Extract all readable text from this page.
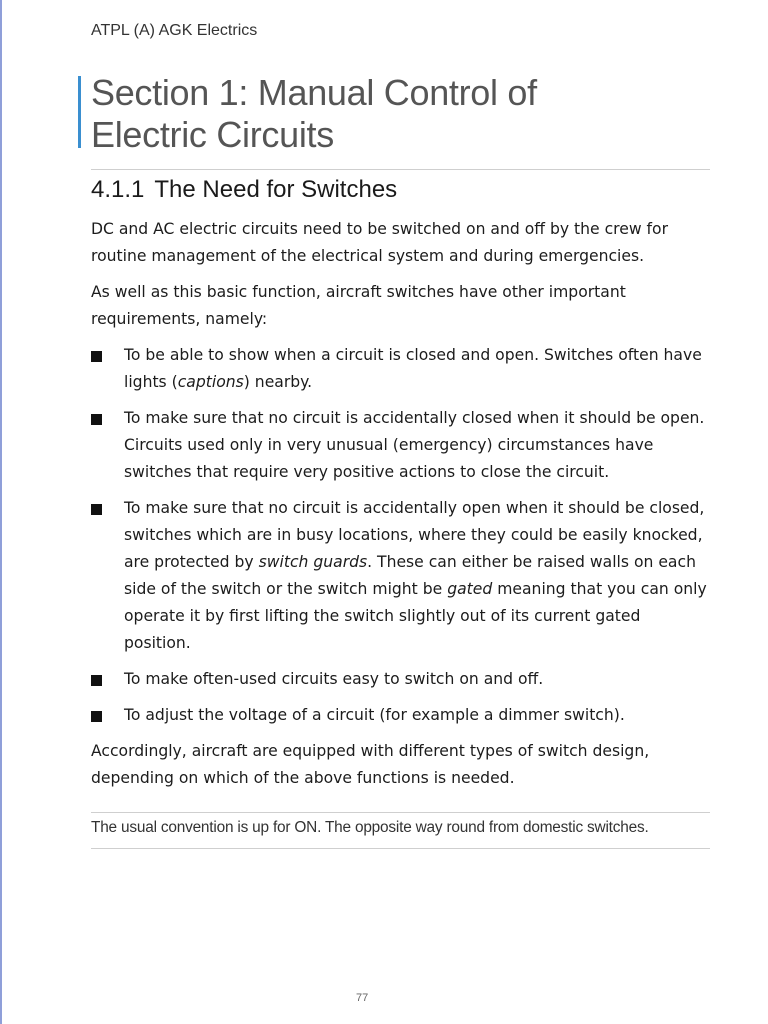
ATPL (A) AGK Electrics
Section 1: Manual Control of
Electric Circuits
4.1.1 The Need for Switches

DC and AC electric circuits need to be switched on and off by the crew for routine management of the electrical system and during emergencies.

As well as this basic function, aircraft switches have other important requirements, namely:

To be able to show when a circuit is closed and open. Switches often have lights (captions) nearby.
To make sure that no circuit is accidentally closed when it should be open. Circuits used only in very unusual (emergency) circumstances have switches that require very positive actions to close the circuit.
To make sure that no circuit is accidentally open when it should be closed, switches which are in busy locations, where they could be easily knocked, are protected by switch guards. These can either be raised walls on each side of the switch or the switch might be gated meaning that you can only operate it by first lifting the switch slightly out of its current gated position.
To make often-used circuits easy to switch on and off.
To adjust the voltage of a circuit (for example a dimmer switch).

Accordingly, aircraft are equipped with different types of switch design, depending on which of the above functions is needed.

The usual convention is up for ON. The opposite way round from domestic switches.
77
